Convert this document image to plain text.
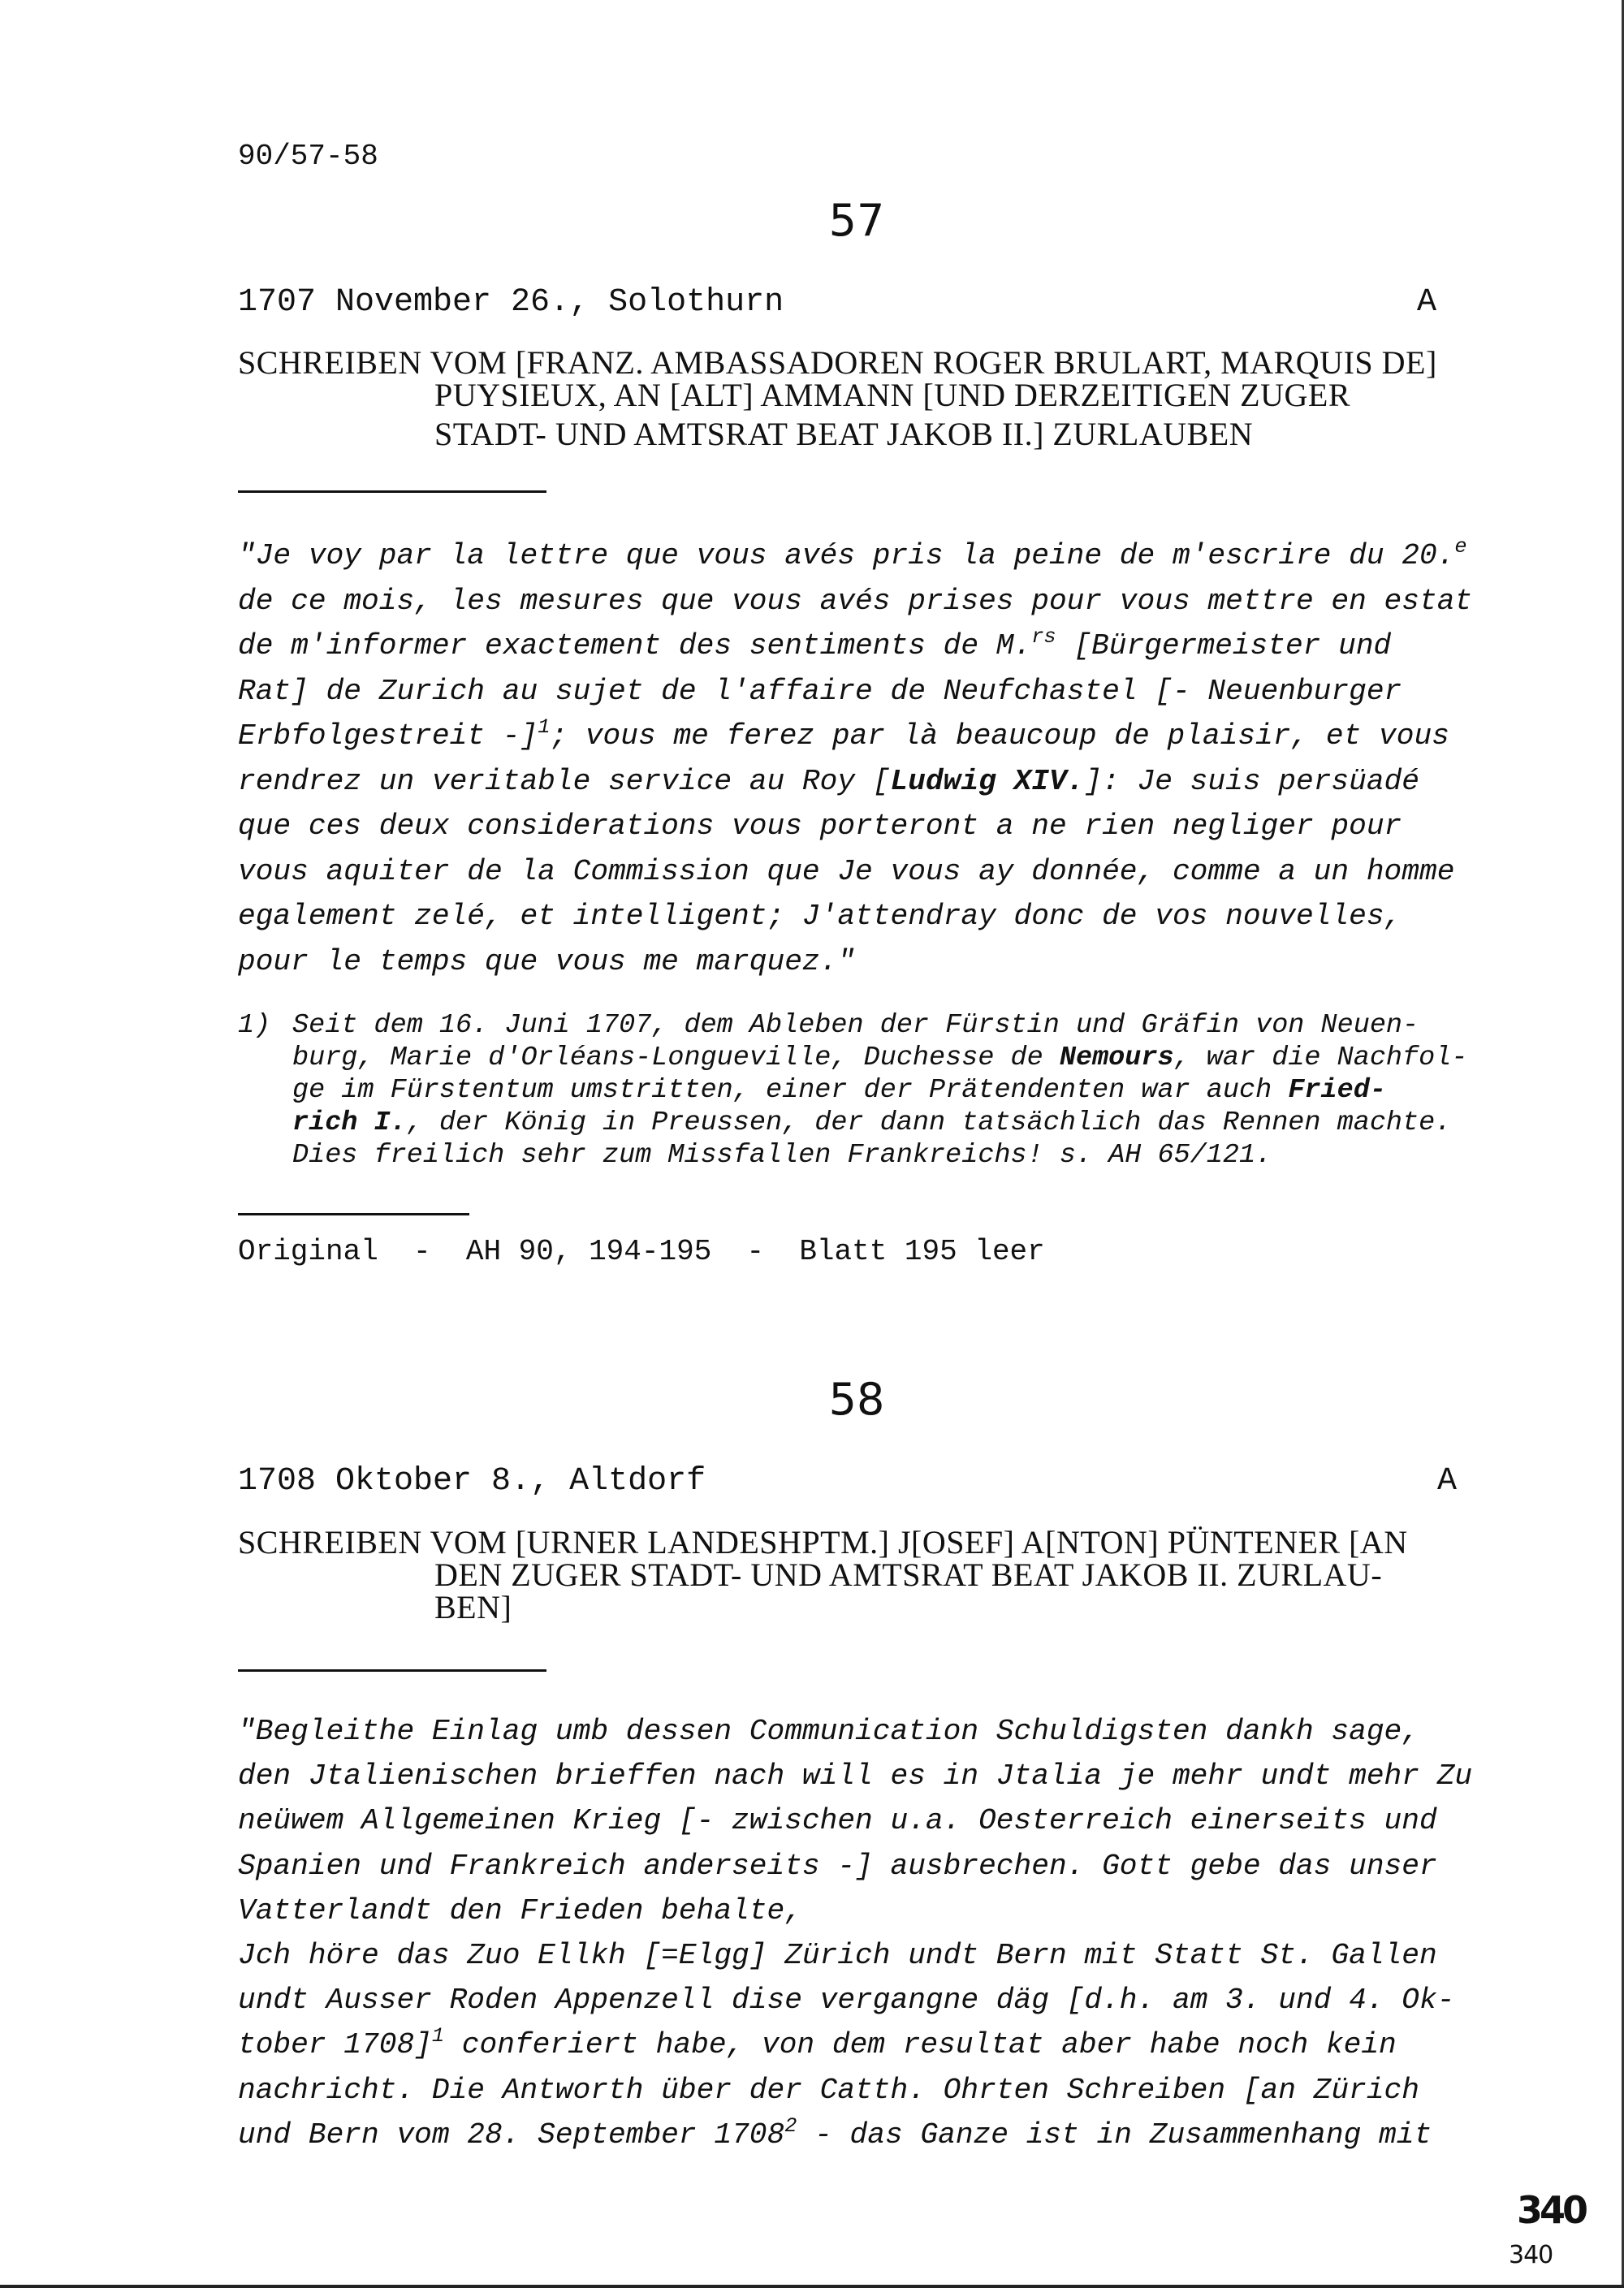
90/57-58
57
1707 November 26., Solothurn	A
SCHREIBEN VOM [FRANZ. AMBASSADOREN ROGER BRULART, MARQUIS DE]
PUYSIEUX, AN [ALT] AMMANN [UND DERZEITIGEN ZUGER
STADT- UND AMTSRAT BEAT JAKOB II.] ZURLAUBEN
"Je voy par la lettre que vous avés pris la peine de m'escrire du 20.$^e$
de ce mois, les mesures que vous avés prises pour vous mettre en estat
de m'informer exactement des sentiments de M.$^{rs}$ [Bürgermeister und
Rat] de Zurich au sujet de l'affaire de Neufchastel [- Neuenburger
Erbfolgestreit -]$^1$; vous me ferez par là beaucoup de plaisir, et vous
rendrez un veritable service au Roy [Ludwig XIV.]: Je suis persüadé
que ces deux considerations vous porteront a ne rien negliger pour
vous aquiter de la Commission que Je vous ay donnée, comme a un homme
egalement zelé, et intelligent; J'attendray donc de vos nouvelles,
pour le temps que vous me marquez."
1) Seit dem 16. Juni 1707, dem Ableben der Fürstin und Gräfin von Neuen-
burg, Marie d'Orléans-Longueville, Duchesse de Nemours, war die Nachfol-
ge im Fürstentum umstritten, einer der Prätendenten war auch Fried-
rich I., der König in Preussen, der dann tatsächlich das Rennen machte.
Dies freilich sehr zum Missfallen Frankreichs! s. AH 65/121.
Original  -  AH 90, 194-195  -  Blatt 195 leer
58
1708 Oktober 8., Altdorf	A
SCHREIBEN VOM [URNER LANDESHPTM.] J[OSEF] A[NTON] PÜNTENER [AN
DEN ZUGER STADT- UND AMTSRAT BEAT JAKOB II. ZURLAU-
BEN]
"Begleithe Einlag umb dessen Communication Schuldigsten dankh sage,
den Jtalienischen brieffen nach will es in Jtalia je mehr undt mehr Zu
neüwem Allgemeinen Krieg [- zwischen u.a. Oesterreich einerseits und
Spanien und Frankreich anderseits -] ausbrechen. Gott gebe das unser
Vatterlandt den Frieden behalte,
Jch höre das Zuo Ellkh [=Elgg] Zürich undt Bern mit Statt St. Gallen
undt Ausser Roden Appenzell dise vergangne däg [d.h. am 3. und 4. Ok-
tober 1708]$^1$ conferiert habe, von dem resultat aber habe noch kein
nachricht. Die Antworth über der Catth. Ohrten Schreiben [an Zürich
und Bern vom 28. September 1708$^2$ - das Ganze ist in Zusammenhang mit
340
340
